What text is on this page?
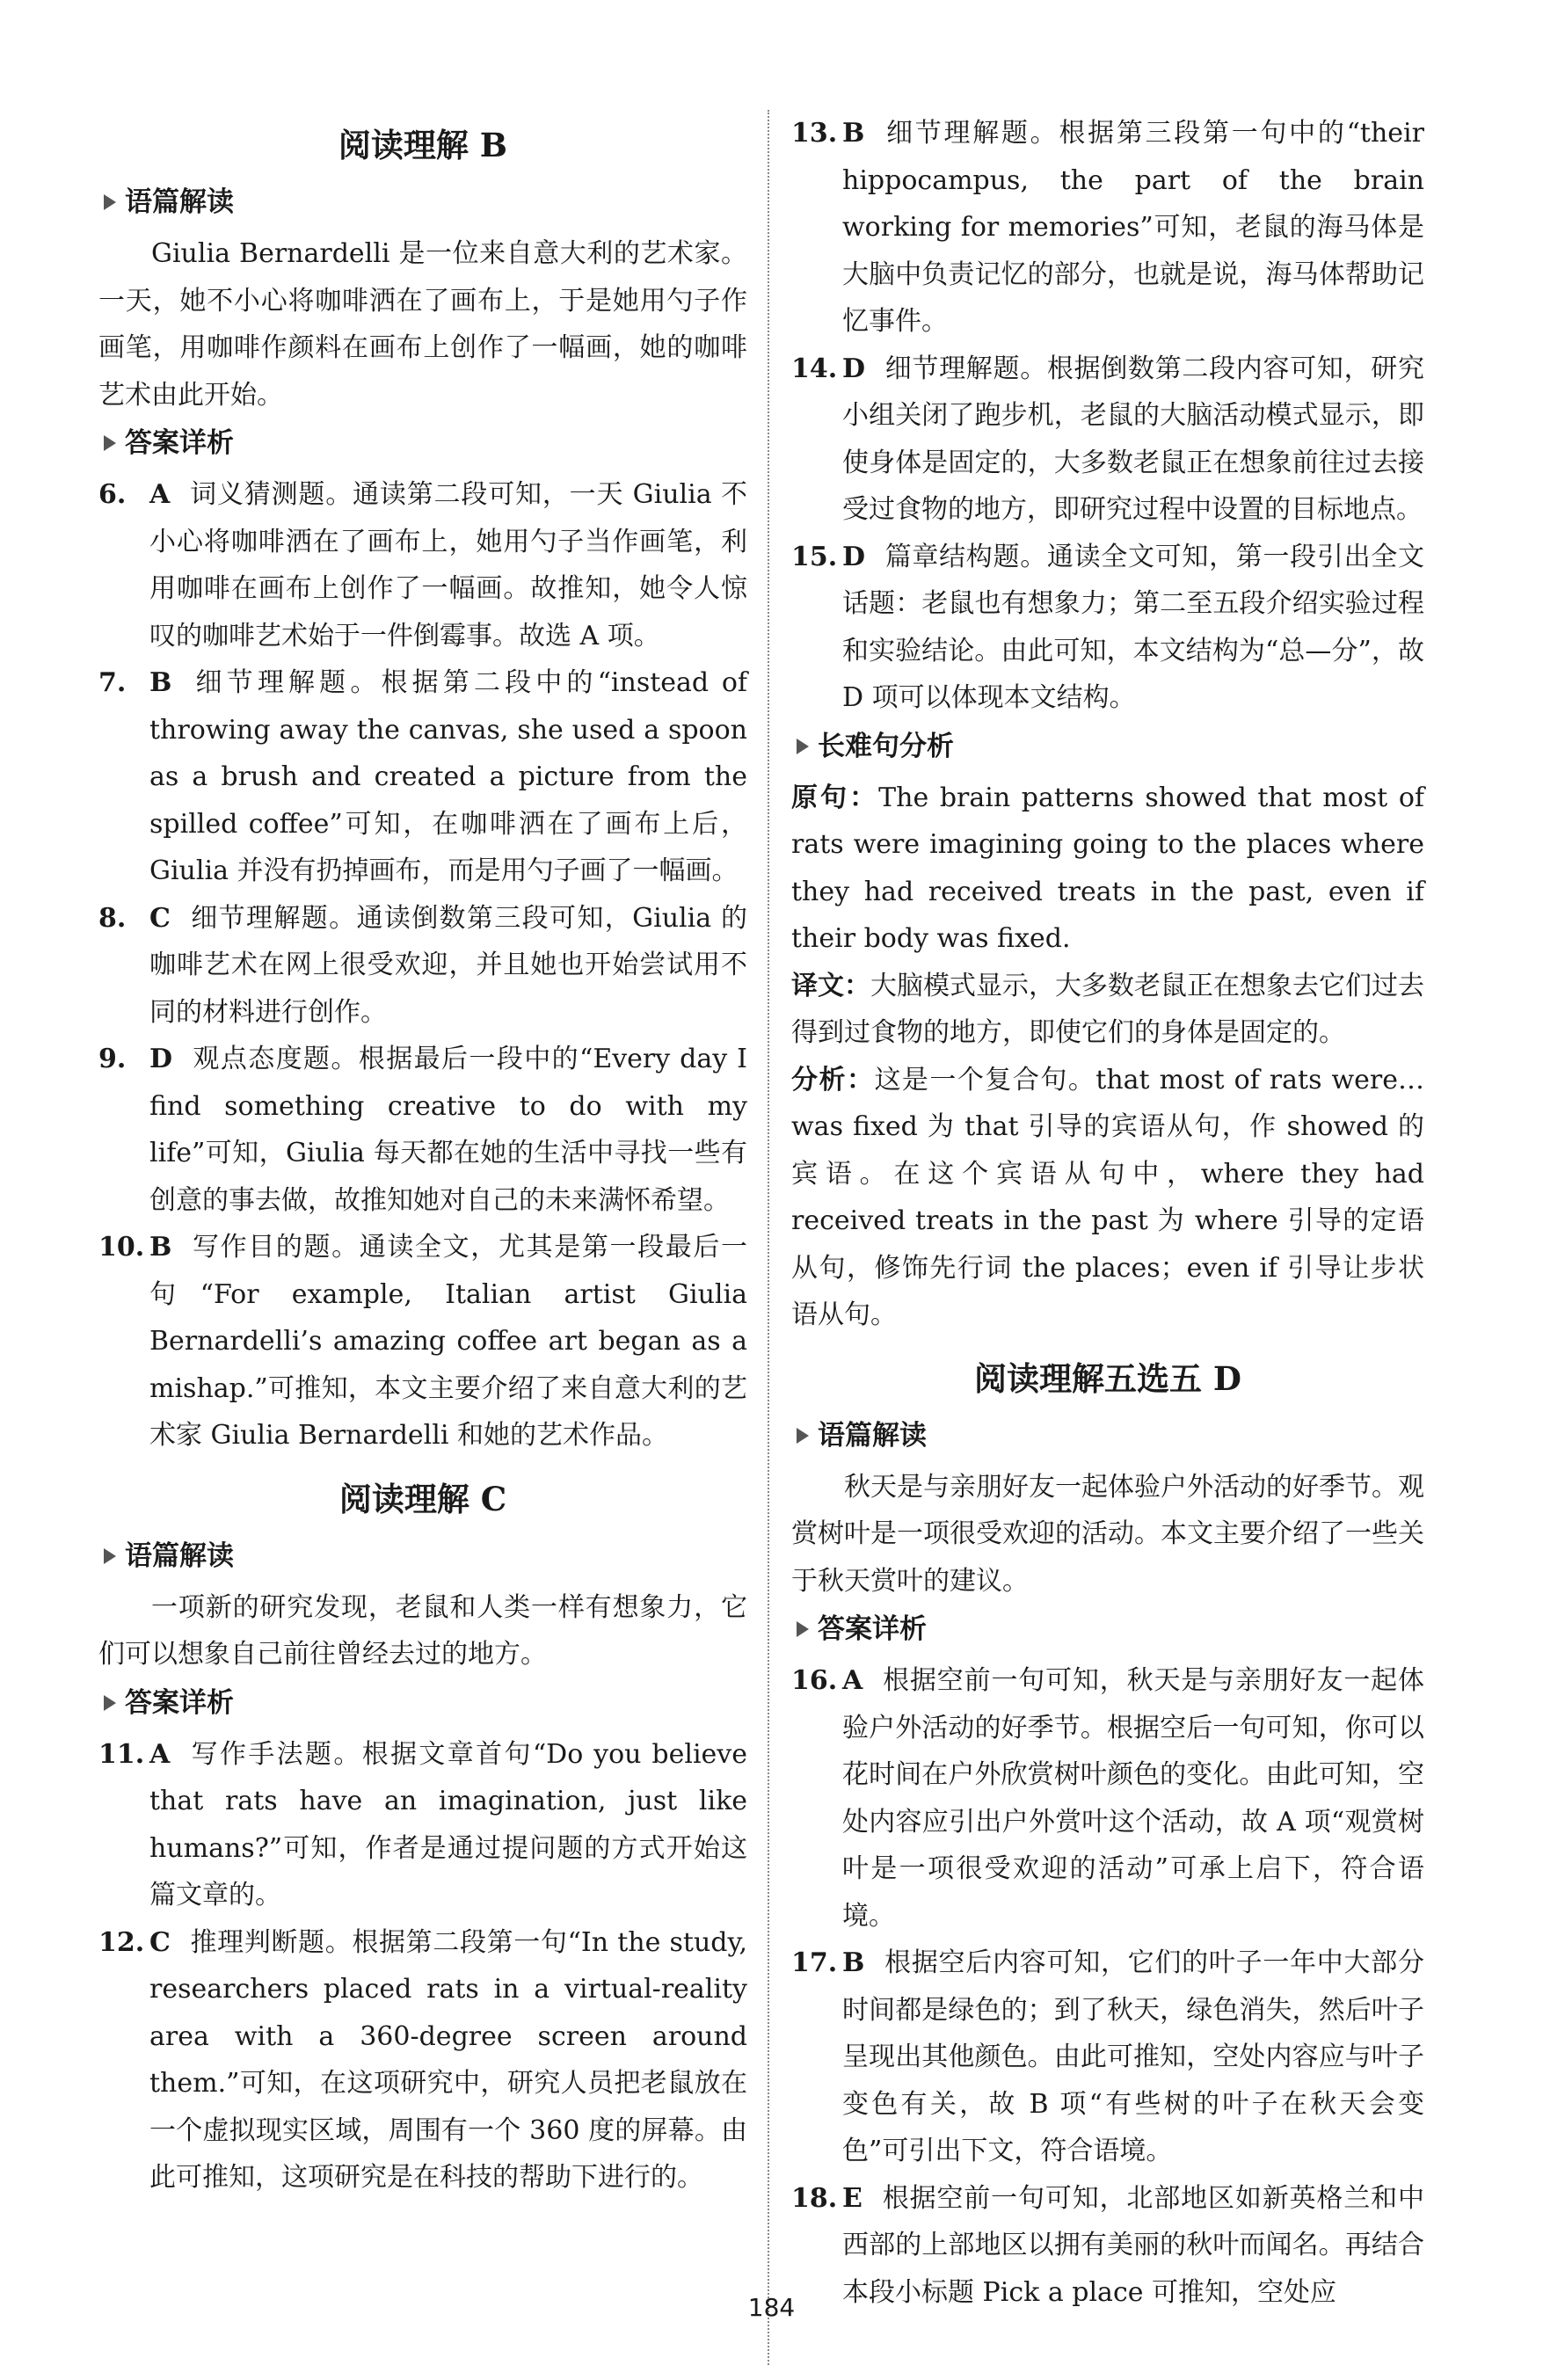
阅读理解 B
语篇解读
Giulia Bernardelli 是一位来自意大利的艺术家。一天，她不小心将咖啡洒在了画布上，于是她用勺子作画笔，用咖啡作颜料在画布上创作了一幅画，她的咖啡艺术由此开始。
答案详析
6. A 词义猜测题。通读第二段可知，一天 Giulia 不小心将咖啡洒在了画布上，她用勺子当作画笔，利用咖啡在画布上创作了一幅画。故推知，她令人惊叹的咖啡艺术始于一件倒霉事。故选 A 项。
7. B 细节理解题。根据第二段中的“instead of throwing away the canvas, she used a spoon as a brush and created a picture from the spilled coffee”可知，在咖啡洒在了画布上后，Giulia 并没有扔掉画布，而是用勺子画了一幅画。
8. C 细节理解题。通读倒数第三段可知，Giulia 的咖啡艺术在网上很受欢迎，并且她也开始尝试用不同的材料进行创作。
9. D 观点态度题。根据最后一段中的“Every day I find something creative to do with my life”可知，Giulia 每天都在她的生活中寻找一些有创意的事去做，故推知她对自己的未来满怀希望。
10. B 写作目的题。通读全文，尤其是第一段最后一句“For example, Italian artist Giulia Bernardelli’s amazing coffee art began as a mishap.”可推知，本文主要介绍了来自意大利的艺术家 Giulia Bernardelli 和她的艺术作品。
阅读理解 C
语篇解读
一项新的研究发现，老鼠和人类一样有想象力，它们可以想象自己前往曾经去过的地方。
答案详析
11. A 写作手法题。根据文章首句“Do you believe that rats have an imagination, just like humans?”可知，作者是通过提问题的方式开始这篇文章的。
12. C 推理判断题。根据第二段第一句“In the study, researchers placed rats in a virtual-reality area with a 360-degree screen around them.”可知，在这项研究中，研究人员把老鼠放在一个虚拟现实区域，周围有一个 360 度的屏幕。由此可推知，这项研究是在科技的帮助下进行的。
13. B 细节理解题。根据第三段第一句中的“their hippocampus, the part of the brain working for memories”可知，老鼠的海马体是大脑中负责记忆的部分，也就是说，海马体帮助记忆事件。
14. D 细节理解题。根据倒数第二段内容可知，研究小组关闭了跑步机，老鼠的大脑活动模式显示，即使身体是固定的，大多数老鼠正在想象前往过去接受过食物的地方，即研究过程中设置的目标地点。
15. D 篇章结构题。通读全文可知，第一段引出全文话题：老鼠也有想象力；第二至五段介绍实验过程和实验结论。由此可知，本文结构为“总—分”，故 D 项可以体现本文结构。
长难句分析
原句：The brain patterns showed that most of rats were imagining going to the places where they had received treats in the past, even if their body was fixed.
译文：大脑模式显示，大多数老鼠正在想象去它们过去得到过食物的地方，即使它们的身体是固定的。
分析：这是一个复合句。that most of rats were…was fixed 为 that 引导的宾语从句，作 showed 的宾语。在这个宾语从句中，where they had received treats in the past 为 where 引导的定语从句，修饰先行词 the places；even if 引导让步状语从句。
阅读理解五选五 D
语篇解读
秋天是与亲朋好友一起体验户外活动的好季节。观赏树叶是一项很受欢迎的活动。本文主要介绍了一些关于秋天赏叶的建议。
答案详析
16. A 根据空前一句可知，秋天是与亲朋好友一起体验户外活动的好季节。根据空后一句可知，你可以花时间在户外欣赏树叶颜色的变化。由此可知，空处内容应引出户外赏叶这个活动，故 A 项“观赏树叶是一项很受欢迎的活动”可承上启下，符合语境。
17. B 根据空后内容可知，它们的叶子一年中大部分时间都是绿色的；到了秋天，绿色消失，然后叶子呈现出其他颜色。由此可推知，空处内容应与叶子变色有关，故 B 项“有些树的叶子在秋天会变色”可引出下文，符合语境。
18. E 根据空前一句可知，北部地区如新英格兰和中西部的上部地区以拥有美丽的秋叶而闻名。再结合本段小标题 Pick a place 可推知，空处应
184
